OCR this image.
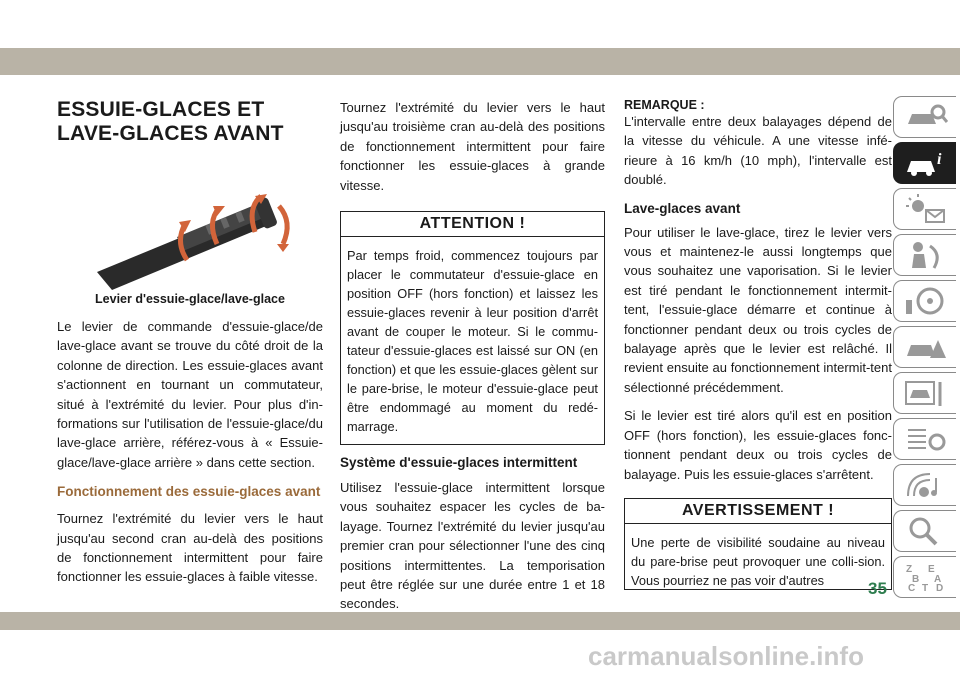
ESSUIE-GLACES ET
LAVE-GLACES AVANT

Levier d'essuie-glace/lave-glace

Le levier de commande d'essuie-glace/de lave-glace avant se trouve du côté droit de la colonne de direction. Les essuie-glaces avant s'actionnent en tournant un commutateur, situé à l'extrémité du levier. Pour plus d'in-formations sur l'utilisation de l'essuie-glace/du lave-glace arrière, référez-vous à « Essuie-glace/lave-glace arrière » dans cette section.

Fonctionnement des essuie-glaces avant

Tournez l'extrémité du levier vers le haut jusqu'au second cran au-delà des positions de fonctionnement intermittent pour faire fonctionner les essuie-glaces à faible vitesse.

Tournez l'extrémité du levier vers le haut jusqu'au troisième cran au-delà des positions de fonctionnement intermittent pour faire fonctionner les essuie-glaces à grande vitesse.

ATTENTION !
Par temps froid, commencez toujours par placer le commutateur d'essuie-glace en position OFF (hors fonction) et laissez les essuie-glaces revenir à leur position d'arrêt avant de couper le moteur. Si le commu-tateur d'essuie-glaces est laissé sur ON (en fonction) et que les essuie-glaces gèlent sur le pare-brise, le moteur d'essuie-glace peut être endommagé au moment du redé-marrage.

Système d'essuie-glaces intermittent

Utilisez l'essuie-glace intermittent lorsque vous souhaitez espacer les cycles de ba-layage. Tournez l'extrémité du levier jusqu'au premier cran pour sélectionner l'une des cinq positions intermittentes. La temporisation peut être réglée sur une durée entre 1 et 18 secondes.

REMARQUE :

L'intervalle entre deux balayages dépend de la vitesse du véhicule. A une vitesse infé-rieure à 16 km/h (10 mph), l'intervalle est doublé.

Lave-glaces avant

Pour utiliser le lave-glace, tirez le levier vers vous et maintenez-le aussi longtemps que vous souhaitez une vaporisation. Si le levier est tiré pendant le fonctionnement intermit-tent, l'essuie-glace démarre et continue à fonctionner pendant deux ou trois cycles de balayage après que le levier est relâché. Il revient ensuite au fonctionnement intermit-tent sélectionné précédemment.

Si le levier est tiré alors qu'il est en position OFF (hors fonction), les essuie-glaces fonc-tionnent pendant deux ou trois cycles de balayage. Puis les essuie-glaces s'arrêtent.

AVERTISSEMENT !
Une perte de visibilité soudaine au niveau du pare-brise peut provoquer une colli-sion. Vous pourriez ne pas voir d'autres
i
Z E
B A
C T D
35
carmanualsonline.info
